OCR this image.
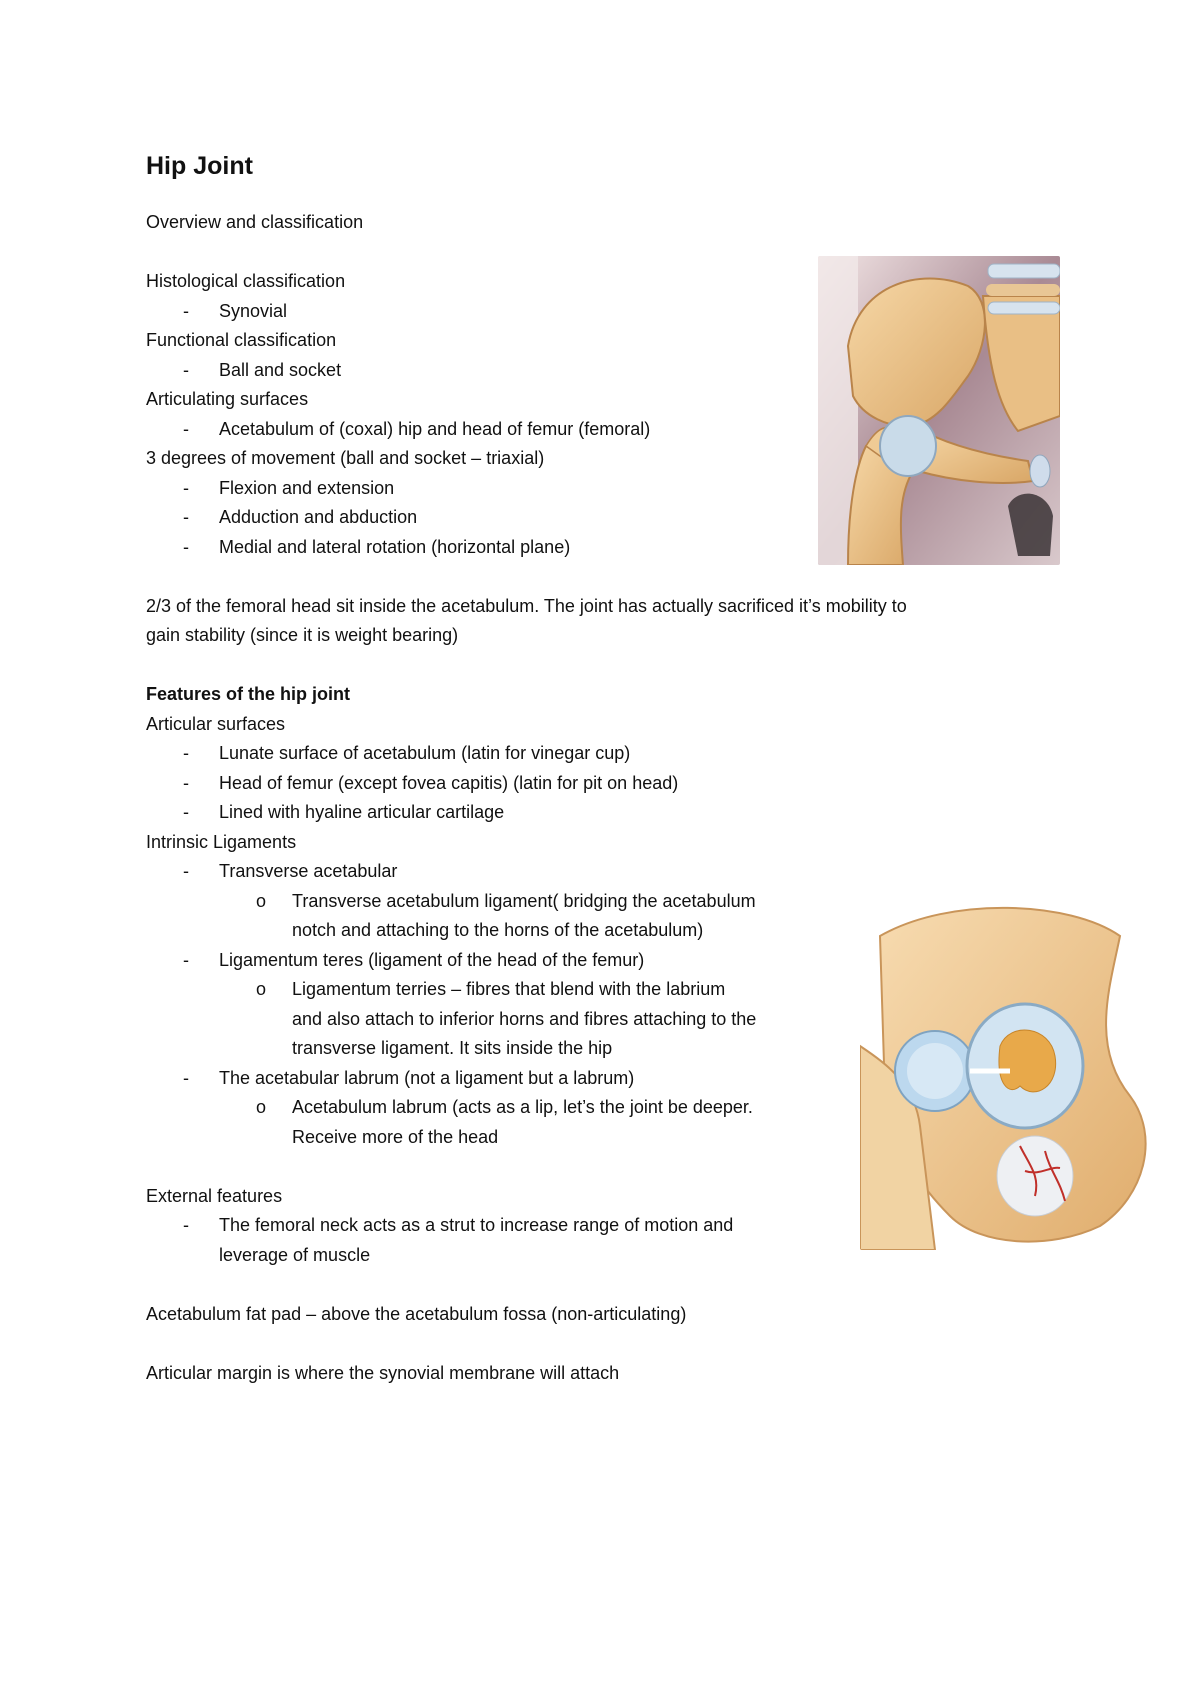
Hip Joint
Overview and classification
Histological classification
- Synovial
Functional classification
- Ball and socket
Articulating surfaces
- Acetabulum of (coxal) hip and head of femur (femoral)
3 degrees of movement (ball and socket – triaxial)
- Flexion and extension
- Adduction and abduction
- Medial and lateral rotation (horizontal plane)
2/3 of the femoral head sit inside the acetabulum. The joint has actually sacrificed it’s mobility to
gain stability (since it is weight bearing)
Features of the hip joint
Articular surfaces
- Lunate surface of acetabulum (latin for vinegar cup)
- Head of femur (except fovea capitis) (latin for pit on head)
- Lined with hyaline articular cartilage
Intrinsic Ligaments
- Transverse acetabular
o Transverse acetabulum ligament( bridging the acetabulum
notch and attaching to the horns of the acetabulum)
- Ligamentum teres (ligament of the head of the femur)
o Ligamentum terries – fibres that blend with the labrium
and also attach to inferior horns and fibres attaching to the
transverse ligament. It sits inside the hip
- The acetabular labrum (not a ligament but a labrum)
o Acetabulum labrum (acts as a lip, let’s the joint be deeper.
Receive more of the head
External features
- The femoral neck acts as a strut to increase range of motion and
leverage of muscle
Acetabulum fat pad – above the acetabulum fossa (non-articulating)
Articular margin is where the synovial membrane will attach
